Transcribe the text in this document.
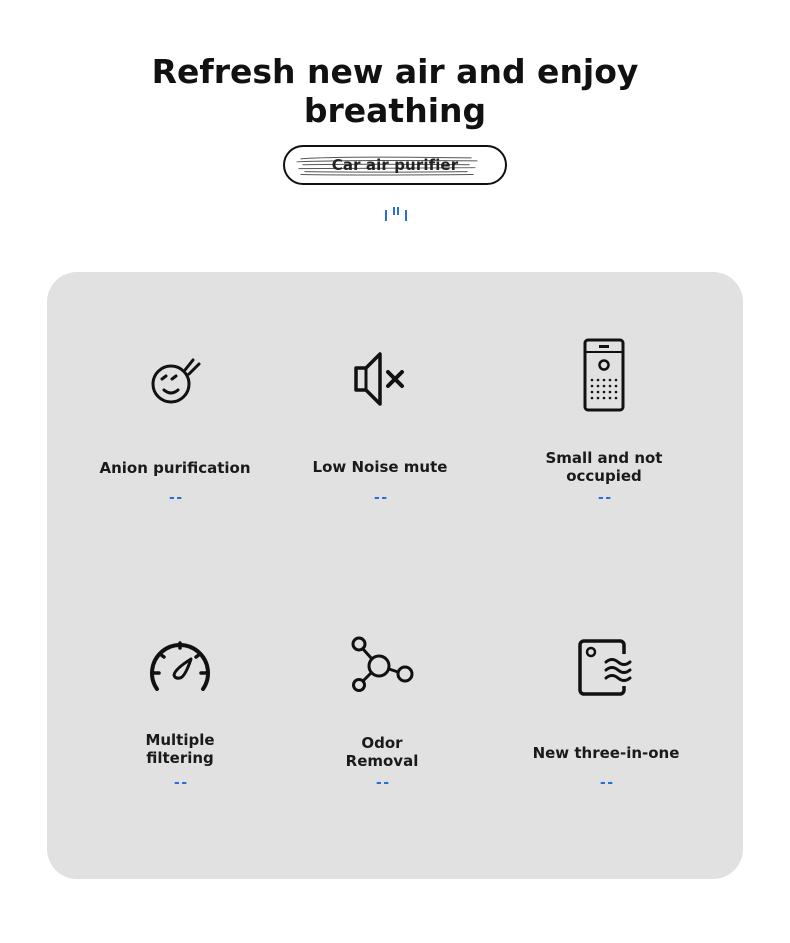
Refresh new air and enjoy
breathing
Car air purifier
Anion purification
--
Low Noise mute
--
Small and not
occupied
--
Multiple
filtering
--
Odor
Removal
--
New three-in-one
--
